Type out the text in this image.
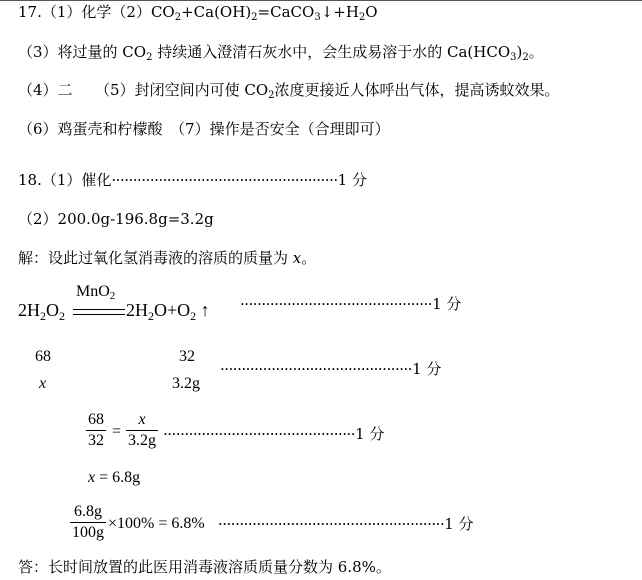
17.（1）化学$(2)CO_2+Ca(OH)_2=CaCO_3↓+H_2O$
（3）将过量的 $CO_2$ 持续通入澄清石灰水中，会生成易溶于水的 $Ca(HCO_3)_2$。
（4）二　　（5）封闭空间内可使 $CO_2$浓度更接近人体呼出气体，提高诱蚊效果。
（6）鸡蛋壳和柠檬酸　（7）操作是否安全（合理即可）
18.（1）催化·····················································1 分
（2）200.0g-196.8g=3.2g
解：设此过氧化氢消毒液的溶质的质量为 x。
$2H_2O_2$
MnO$_2$
$2H_2O+O_2$ ↑ ·············································1 分
68
x
32
3.2g
·············································1 分
68
32
=
x
3.2g ·············································1 分
x = 6.8g
6.8g
100g
×100% = 6.8% ·····················································1 分
答：长时间放置的此医用消毒液溶质质量分数为 6.8%。
